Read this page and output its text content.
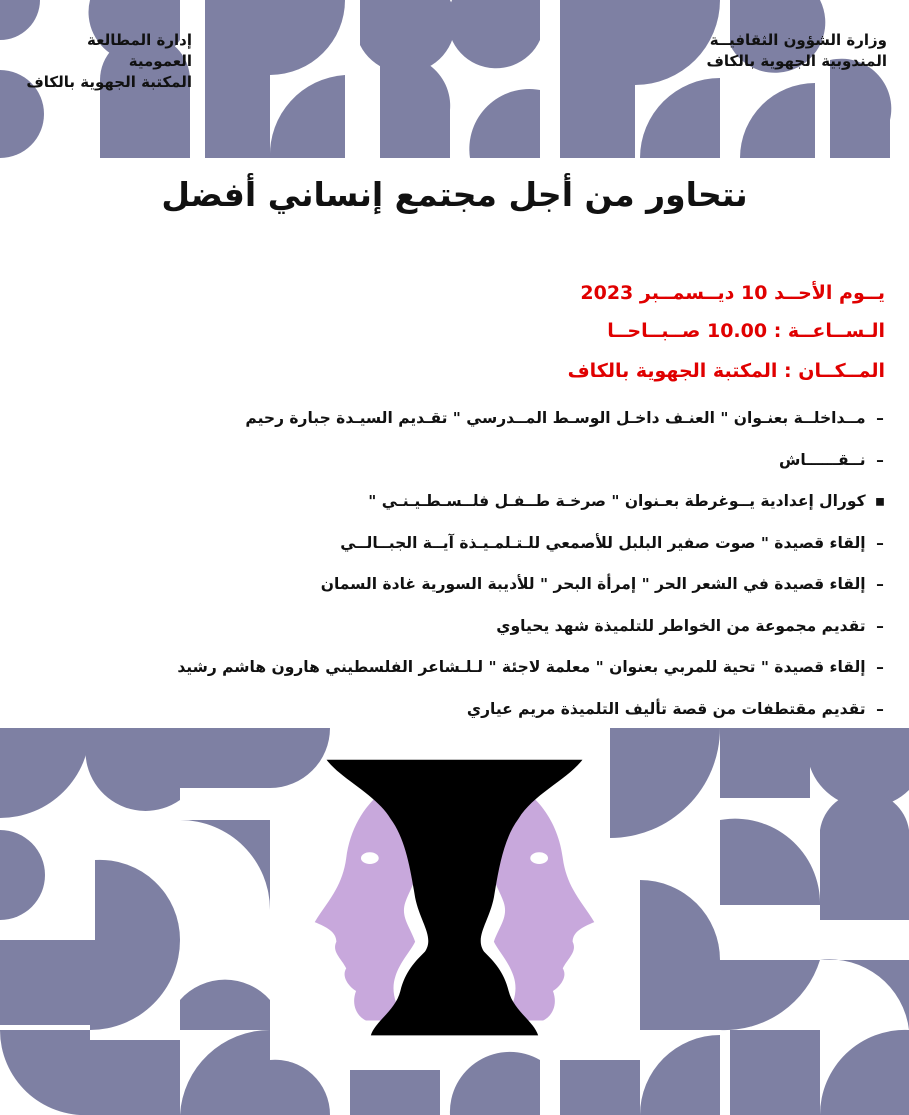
إدارة المطالعة العمومية
المكتبة الجهوية بالكاف
وزارة الشؤون الثقافيــة
المندوبية الجهوية بالكاف
نتحاور من أجل مجتمع إنساني أفضل
يــوم الأحــد 10 ديــسمــبر 2023
الـســاعــة : 10.00 صــبــاحــا
المــكــان : المكتبة الجهوية بالكاف
– مــداخلــة بعنـوان " العنـف داخـل الوسـط المــدرسي " تقـديم السيـدة جبارة رحيم
– نــقــــــاش
▪ كورال إعدادية يــوغرطة بعـنوان " صرخـة طــفـل فلــسـطـيـنـي "
– إلقاء قصيدة " صوت صفير البلبل للأصمعي للـتـلمـيـذة آيــة الجبــالــي
– إلقاء قصيدة في الشعر الحر " إمرأة البحر " للأديبة السورية غادة السمان
– تقديم مجموعة من الخواطر للتلميذة شهد يحياوي
– إلقاء قصيدة " تحية للمربي بعنوان " معلمة لاجئة " لـلـشاعر الفلسطيني هارون هاشم رشيد
– تقديم مقتطفات من قصة تأليف التلميذة مريم عياري
